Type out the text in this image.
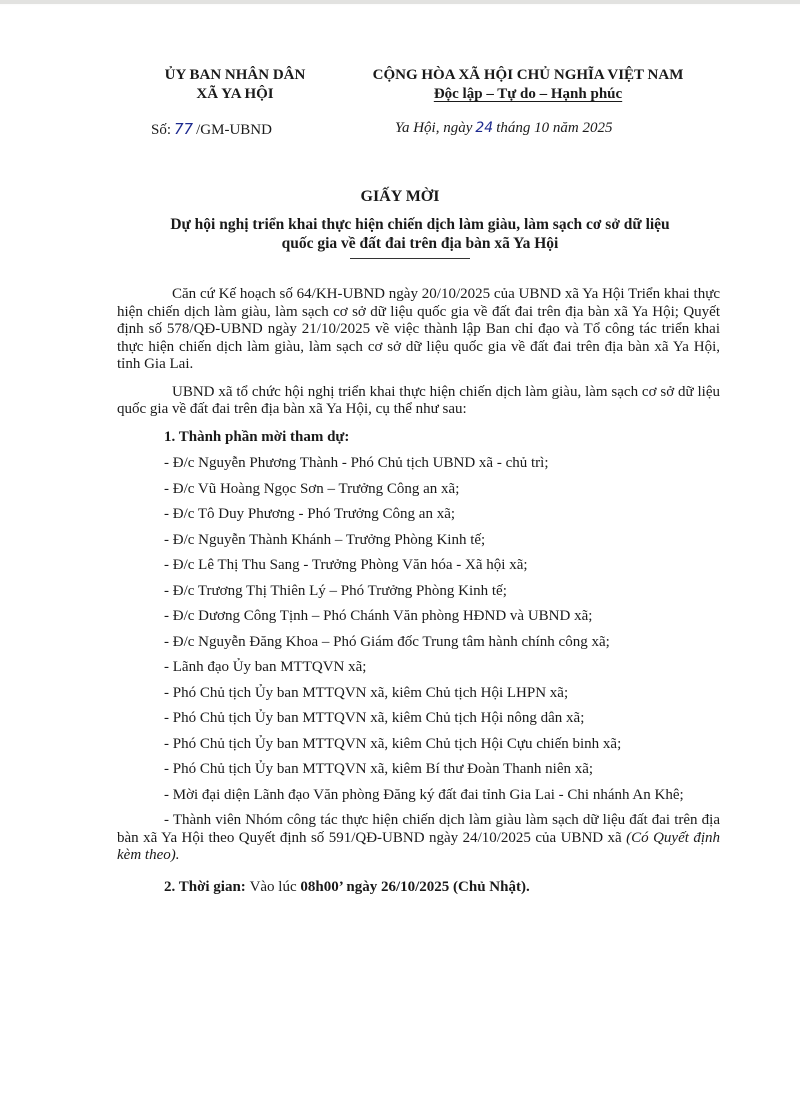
ỦY BAN NHÂN DÂN
XÃ YA HỘI
CỘNG HÒA XÃ HỘI CHỦ NGHĨA VIỆT NAM
Độc lập – Tự do – Hạnh phúc
Số: 77 /GM-UBND	Ya Hội, ngày 24 tháng 10 năm 2025
GIẤY MỜI
Dự hội nghị triển khai thực hiện chiến dịch làm giàu, làm sạch cơ sở dữ liệu
quốc gia về đất đai trên địa bàn xã Ya Hội

Căn cứ Kế hoạch số 64/KH-UBND ngày 20/10/2025 của UBND xã Ya Hội Triển khai thực hiện chiến dịch làm giàu, làm sạch cơ sở dữ liệu quốc gia về đất đai trên địa bàn xã Ya Hội; Quyết định số 578/QĐ-UBND ngày 21/10/2025 về việc thành lập Ban chỉ đạo và Tổ công tác triển khai thực hiện chiến dịch làm giàu, làm sạch cơ sở dữ liệu quốc gia về đất đai trên địa bàn xã Ya Hội, tỉnh Gia Lai.

UBND xã tổ chức hội nghị triển khai thực hiện chiến dịch làm giàu, làm sạch cơ sở dữ liệu quốc gia về đất đai trên địa bàn xã Ya Hội, cụ thể như sau:

1. Thành phần mời tham dự:
- Đ/c Nguyễn Phương Thành - Phó Chủ tịch UBND xã - chủ trì;
- Đ/c Vũ Hoàng Ngọc Sơn – Trưởng Công an xã;
- Đ/c Tô Duy Phương - Phó Trưởng Công an xã;
- Đ/c Nguyễn Thành Khánh – Trưởng Phòng Kinh tế;
- Đ/c Lê Thị Thu Sang - Trưởng Phòng Văn hóa - Xã hội xã;
- Đ/c Trương Thị Thiên Lý – Phó Trưởng Phòng Kinh tế;
- Đ/c Dương Công Tịnh – Phó Chánh Văn phòng HĐND và UBND xã;
- Đ/c Nguyễn Đăng Khoa – Phó Giám đốc Trung tâm hành chính công xã;
- Lãnh đạo Ủy ban MTTQVN xã;
- Phó Chủ tịch Ủy ban MTTQVN xã, kiêm Chủ tịch Hội LHPN xã;
- Phó Chủ tịch Ủy ban MTTQVN xã, kiêm Chủ tịch Hội nông dân xã;
- Phó Chủ tịch Ủy ban MTTQVN xã, kiêm Chủ tịch Hội Cựu chiến binh xã;
- Phó Chủ tịch Ủy ban MTTQVN xã, kiêm Bí thư Đoàn Thanh niên xã;
- Mời đại diện Lãnh đạo Văn phòng Đăng ký đất đai tỉnh Gia Lai - Chi nhánh An Khê;
- Thành viên Nhóm công tác thực hiện chiến dịch làm giàu làm sạch dữ liệu đất đai trên địa bàn xã Ya Hội theo Quyết định số 591/QĐ-UBND ngày 24/10/2025 của UBND xã (Có Quyết định kèm theo).
2. Thời gian: Vào lúc 08h00’ ngày 26/10/2025 (Chủ Nhật).
